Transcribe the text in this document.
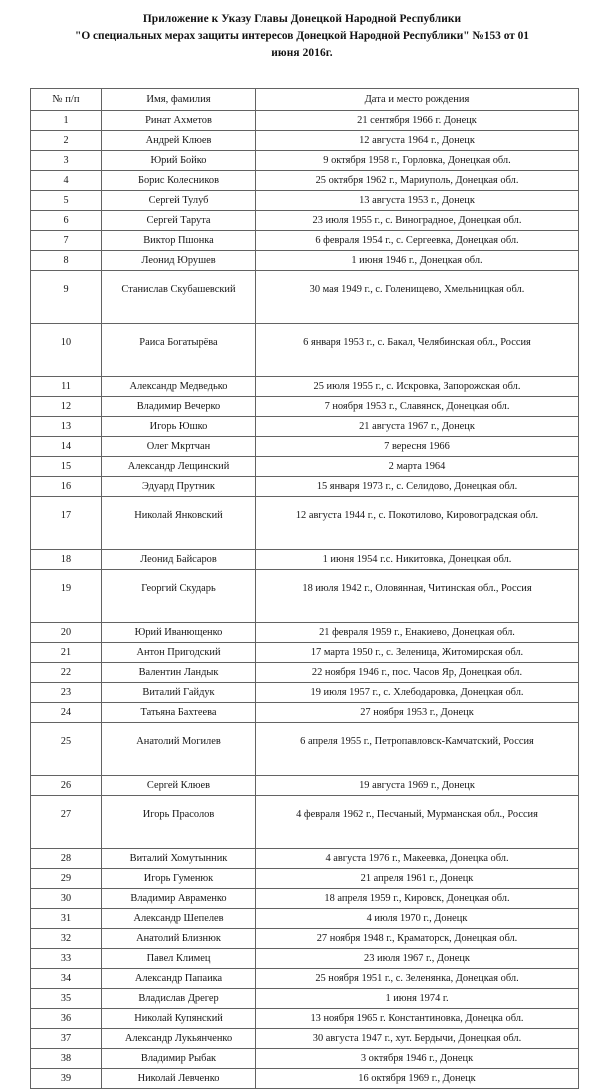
Приложение к Указу Главы Донецкой Народной Республики
"О специальных мерах защиты интересов Донецкой Народной Республики" №153 от 01
июня 2016г.
№ п/п	Имя, фамилия	Дата и место рождения
1	Ринат Ахметов	21 сентября 1966 г. Донецк
2	Андрей Клюев	12 августа 1964 г., Донецк
3	Юрий Бойко	9 октября 1958 г., Горловка, Донецкая обл.
4	Борис Колесников	25 октября 1962 г., Мариуполь, Донецкая обл.
5	Сергей Тулуб	13 августа 1953 г., Донецк
6	Сергей Тарута	23 июля 1955 г., с. Виноградное, Донецкая обл.
7	Виктор Пшонка	6 февраля 1954 г., с. Сергеевка, Донецкая обл.
8	Леонид Юрушев	1 июня 1946 г., Донецкая обл.
9	Станислав Скубашевский	30 мая 1949 г., с. Голенищево, Хмельницкая обл.
10	Раиса Богатырёва	6 января 1953 г., с. Бакал, Челябинская обл., Россия
11	Александр Медведько	25 июля 1955 г., с. Искровка, Запорожская обл.
12	Владимир Вечерко	7 ноября 1953 г., Славянск, Донецкая обл.
13	Игорь Юшко	21 августа 1967 г., Донецк
14	Олег Мкртчан	7 вересня 1966
15	Александр Лещинский	2 марта 1964
16	Эдуард Прутник	15 января 1973 г., с. Селидово, Донецкая обл.
17	Николай Янковский	12 августа 1944 г., с. Покотилово, Кировоградская обл.
18	Леонид Байсаров	1 июня 1954 г.с. Никитовка, Донецкая обл.
19	Георгий Скударь	18 июля 1942 г., Оловянная, Читинская обл., Россия
20	Юрий Иванющенко	21 февраля 1959 г., Енакиево, Донецкая обл.
21	Антон Пригодский	17 марта 1950 г., с. Зеленица, Житомирская обл.
22	Валентин Ландык	22 ноября 1946 г., пос. Часов Яр, Донецкая обл.
23	Виталий Гайдук	19 июля 1957 г., с. Хлебодаровка, Донецкая обл.
24	Татьяна Бахтеева	27 ноября 1953 г., Донецк
25	Анатолий Могилев	6 апреля 1955 г., Петропавловск-Камчатский, Россия
26	Сергей Клюев	19 августа 1969 г., Донецк
27	Игорь Прасолов	4 февраля 1962 г., Песчаный, Мурманская обл., Россия
28	Виталий Хомутынник	4 августа 1976 г., Макеевка, Донецка обл.
29	Игорь Гуменюк	21 апреля 1961 г., Донецк
30	Владимир Авраменко	18 апреля 1959 г., Кировск, Донецкая обл.
31	Александр Шепелев	4 июля 1970 г., Донецк
32	Анатолий Близнюк	27 ноября 1948 г., Краматорск, Донецкая обл.
33	Павел Климец	23 июля 1967 г., Донецк
34	Александр Папаика	25 ноября 1951 г., с. Зеленянка, Донецкая обл.
35	Владислав Дрегер	1 июня 1974 г.
36	Николай Купянский	13 ноября 1965 г. Константиновка, Донецка обл.
37	Александр Лукьянченко	30 августа 1947 г., хут. Бердычи, Донецкая обл.
38	Владимир Рыбак	3 октября 1946 г., Донецк
39	Николай Левченко	16 октября 1969 г., Донецк
